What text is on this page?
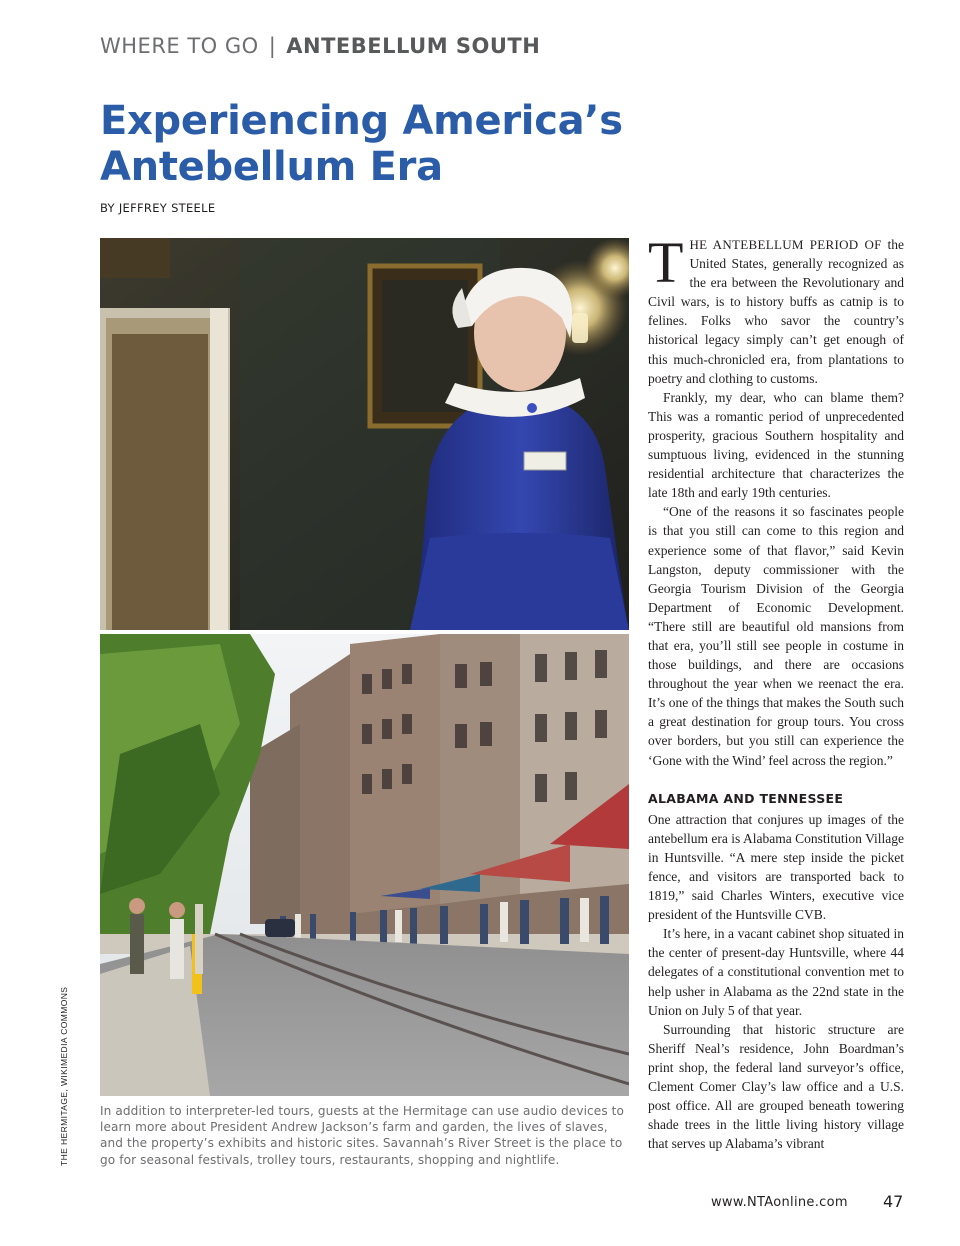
WHERE TO GO | ANTEBELLUM SOUTH
Experiencing America’s
Antebellum Era
BY JEFFREY STEELE
In addition to interpreter-led tours, guests at the Hermitage can use audio devices to learn more about President Andrew Jackson’s farm and garden, the lives of slaves, and the property’s exhibits and historic sites. Savannah’s River Street is the place to go for seasonal festivals, trolley tours, restaurants, shopping and nightlife.
THE HERMITAGE, WIKIMEDIA COMMONS

THE ANTEBELLUM PERIOD OF the United States, generally recognized as the era between the Revolutionary and Civil wars, is to history buffs as catnip is to felines. Folks who savor the country’s historical legacy simply can’t get enough of this much-chronicled era, from plantations to poetry and clothing to customs.

Frankly, my dear, who can blame them? This was a romantic period of unprecedented prosperity, gracious Southern hospitality and sumptuous living, evidenced in the stunning residential architecture that characterizes the late 18th and early 19th centuries.

“One of the reasons it so fascinates people is that you still can come to this region and experience some of that flavor,” said Kevin Langston, deputy commissioner with the Georgia Tourism Division of the Georgia Department of Economic Development. “There still are beautiful old mansions from that era, you’ll still see people in costume in those buildings, and there are occasions throughout the year when we reenact the era. It’s one of the things that makes the South such a great destination for group tours. You cross over borders, but you still can experience the ‘Gone with the Wind’ feel across the region.”

ALABAMA AND TENNESSEE

One attraction that conjures up images of the antebellum era is Alabama Constitution Village in Huntsville. “A mere step inside the picket fence, and visitors are transported back to 1819,” said Charles Winters, executive vice president of the Huntsville CVB.

It’s here, in a vacant cabinet shop situated in the center of present-day Huntsville, where 44 delegates of a constitutional convention met to help usher in Alabama as the 22nd state in the Union on July 5 of that year.

Surrounding that historic structure are Sheriff Neal’s residence, John Boardman’s print shop, the federal land surveyor’s office, Clement Comer Clay’s law office and a U.S. post office. All are grouped beneath towering shade trees in the little living history village that serves up Alabama’s vibrant

www.NTAonline.com 47
